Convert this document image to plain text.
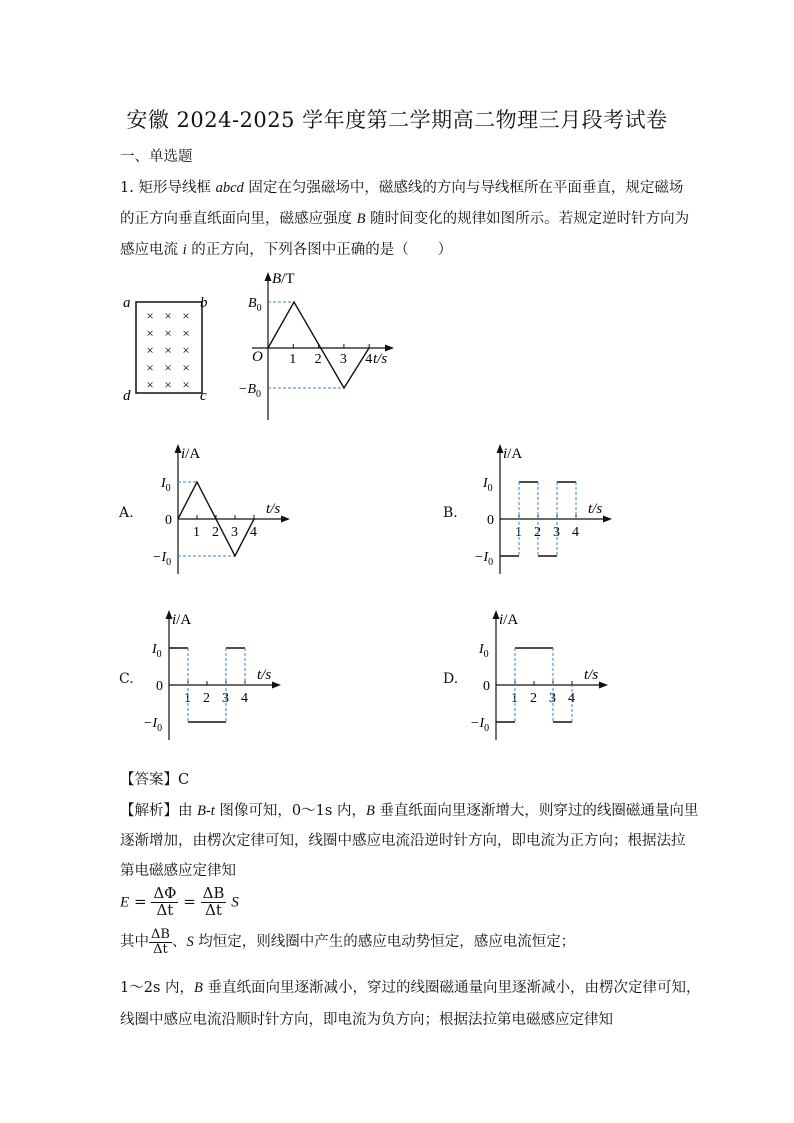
安徽 2024-2025 学年度第二学期高二物理三月段考试卷
一、单选题
1. 矩形导线框 abcd 固定在匀强磁场中，磁感线的方向与导线框所在平面垂直，规定磁场
的正方向垂直纸面向里，磁感应强度 B 随时间变化的规律如图所示。若规定逆时针方向为
感应电流 i 的正方向，下列各图中正确的是（　　）
a	b
c
d
× × ×
× × ×
× × ×
× × ×
× × ×
B/T
t/s
O
$B_0$
$-B_0$
1 2 3 4
A.	B.
C.	D.
i/A
t/s
0
$I_0$
$-I_0$
1 2 3 4
i/A
t/s
0
$I_0$
$-I_0$
1 2 3 4
i/A
t/s
0
$I_0$
$-I_0$
1 2 3 4
i/A
t/s
0
$I_0$
$-I_0$
1 2 3 4
【答案】C
【解析】由 B-t 图像可知，0～1s 内，B 垂直纸面向里逐渐增大，则穿过的线圈磁通量向里
逐渐增加，由楞次定律可知，线圈中感应电流沿逆时针方向，即电流为正方向；根据法拉
第电磁感应定律知
$E = \frac{\Delta\Phi}{\Delta t} = \frac{\Delta B}{\Delta t}$ S
其中 $\frac{\Delta B}{\Delta t}$ 、S 均恒定，则线圈中产生的感应电动势恒定，感应电流恒定；
1～2s 内，B 垂直纸面向里逐渐减小，穿过的线圈磁通量向里逐渐减小，由楞次定律可知，
线圈中感应电流沿顺时针方向，即电流为负方向；根据法拉第电磁感应定律知
